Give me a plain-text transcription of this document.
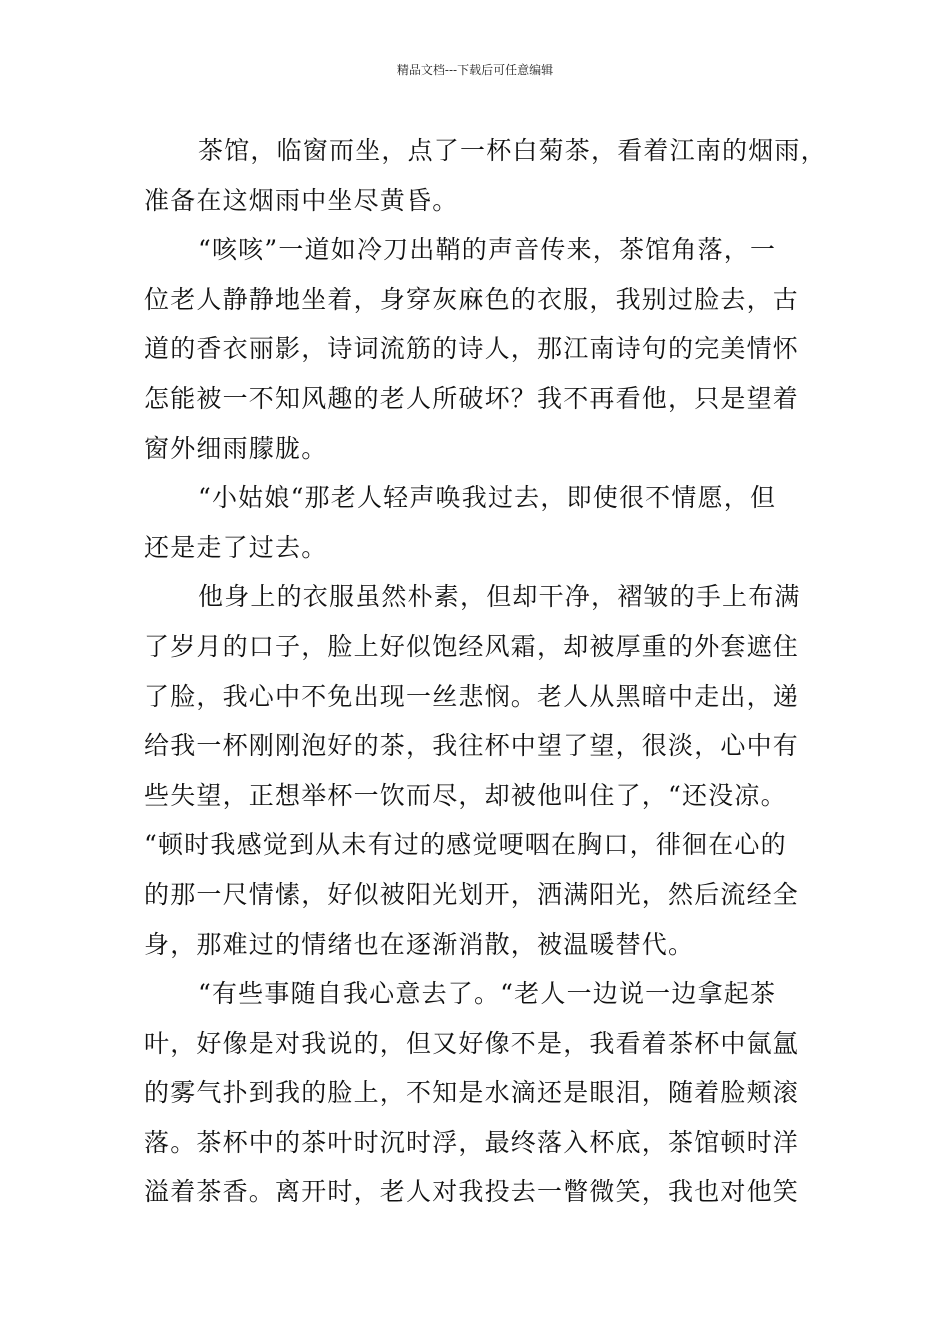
精品文档---下载后可任意编辑
茶馆，临窗而坐，点了一杯白菊茶，看着江南的烟雨，
准备在这烟雨中坐尽黄昏。
“咳咳”一道如冷刀出鞘的声音传来，茶馆角落，一
位老人静静地坐着，身穿灰麻色的衣服，我别过脸去，古
道的香衣丽影，诗词流筋的诗人，那江南诗句的完美情怀
怎能被一不知风趣的老人所破坏？我不再看他，只是望着
窗外细雨朦胧。
“小姑娘“那老人轻声唤我过去，即使很不情愿，但
还是走了过去。
他身上的衣服虽然朴素，但却干净，褶皱的手上布满
了岁月的口子，脸上好似饱经风霜，却被厚重的外套遮住
了脸，我心中不免出现一丝悲悯。老人从黑暗中走出，递
给我一杯刚刚泡好的茶，我往杯中望了望，很淡，心中有
些失望，正想举杯一饮而尽，却被他叫住了，“还没凉。
“顿时我感觉到从未有过的感觉哽咽在胸口，徘徊在心的
的那一尺情愫，好似被阳光划开，洒满阳光，然后流经全
身，那难过的情绪也在逐渐消散，被温暖替代。
“有些事随自我心意去了。“老人一边说一边拿起茶
叶，好像是对我说的，但又好像不是，我看着茶杯中氤氲
的雾气扑到我的脸上，不知是水滴还是眼泪，随着脸颊滚
落。茶杯中的茶叶时沉时浮，最终落入杯底，茶馆顿时洋
溢着茶香。离开时，老人对我投去一瞥微笑，我也对他笑
